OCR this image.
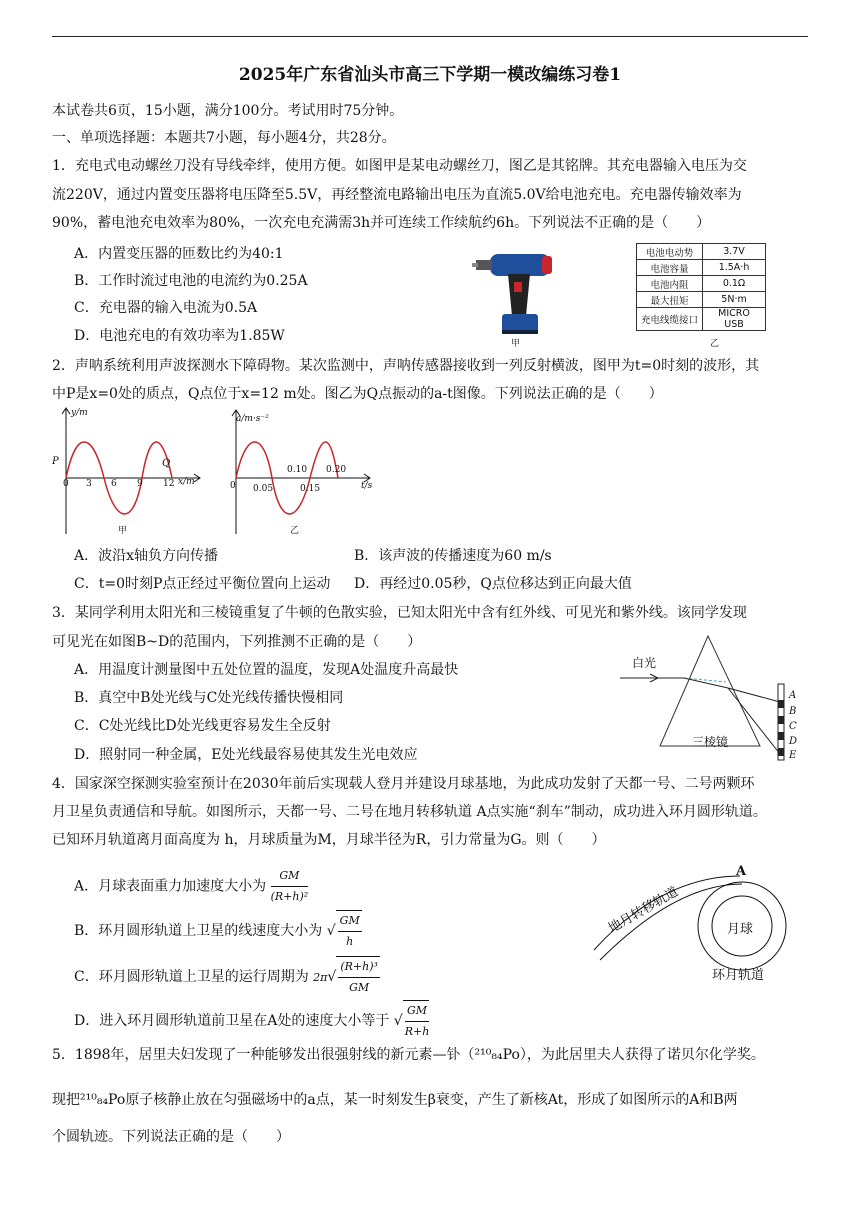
2025年广东省汕头市高三下学期一模改编练习卷1
本试卷共6页，15小题，满分100分。考试用时75分钟。
一、单项选择题：本题共7小题，每小题4分，共28分。
1．充电式电动螺丝刀没有导线牵绊，使用方便。如图甲是某电动螺丝刀，图乙是其铭牌。其充电器输入电压为交
流220V，通过内置变压器将电压降至5.5V，再经整流电路输出电压为直流5.0V给电池充电。充电器传输效率为
90%，蓄电池充电效率为80%，一次充电充满需3h并可连续工作续航约6h。下列说法不正确的是（　　）
A．内置变压器的匝数比约为40:1
B．工作时流过电池的电流约为0.25A
C．充电器的输入电流为0.5A
D．电池充电的有效功率为1.85W	甲
电池电动势	3.7V
电池容量	1.5A·h
电池内阻	0.1Ω
最大扭矩	5N·m
充电线缆接口	MICRO USB
乙
2．声呐系统利用声波探测水下障碍物。某次监测中，声呐传感器接收到一列反射横波，图甲为t=0时刻的波形，其
中P是x=0处的质点，Q点位于x=12 m处。图乙为Q点振动的a-t图像。下列说法正确的是（　　）
y/m
P	Q
0 3 6 9 12 x/m
甲
a/m·s⁻²
0 0.05
0.10
0.15
0.20
t/s
乙
A．波沿x轴负方向传播	B．该声波的传播速度为60 m/s
C．t=0时刻P点正经过平衡位置向上运动 D．再经过0.05秒，Q点位移达到正向最大值
3．某同学利用太阳光和三棱镜重复了牛顿的色散实验，已知太阳光中含有红外线、可见光和紫外线。该同学发现
可见光在如图B~D的范围内，下列推测不正确的是（　　）
A．用温度计测量图中五处位置的温度，发现A处温度升高最快
B．真空中B处光线与C处光线传播快慢相同
C．C处光线比D处光线更容易发生全反射
D．照射同一种金属，E处光线最容易使其发生光电效应
白光
三棱镜
A
B
C
D
E
4．国家深空探测实验室预计在2030年前后实现载人登月并建设月球基地，为此成功发射了天都一号、二号两颗环
月卫星负责通信和导航。如图所示，天都一号、二号在地月转移轨道 A点实施“刹车”制动，成功进入环月圆形轨道。
已知环月轨道离月面高度为 h，月球质量为M，月球半径为R，引力常量为G。则（　　）
A．月球表面重力加速度大小为 $\frac{GM}{\text{(R+h)²}}$
B．环月圆形轨道上卫星的线速度大小为 √ $\frac{GM}{h}$
C．环月圆形轨道上卫星的运行周期为 $2\pi√ \frac{\text{(R+h)³}}{GM}$
D．进入环月圆形轨道前卫星在A处的速度大小等于 √ $\frac{GM}{R+h}$
A
月球
环月轨道
地月转移轨道
5．1898年，居里夫妇发现了一种能够发出很强射线的新元素—钋（²¹⁰₈₄Po），为此居里夫人获得了诺贝尔化学奖。
现把²¹⁰₈₄Po原子核静止放在匀强磁场中的a点，某一时刻发生β衰变，产生了新核At，形成了如图所示的A和B两
个圆轨迹。下列说法正确的是（　　）
